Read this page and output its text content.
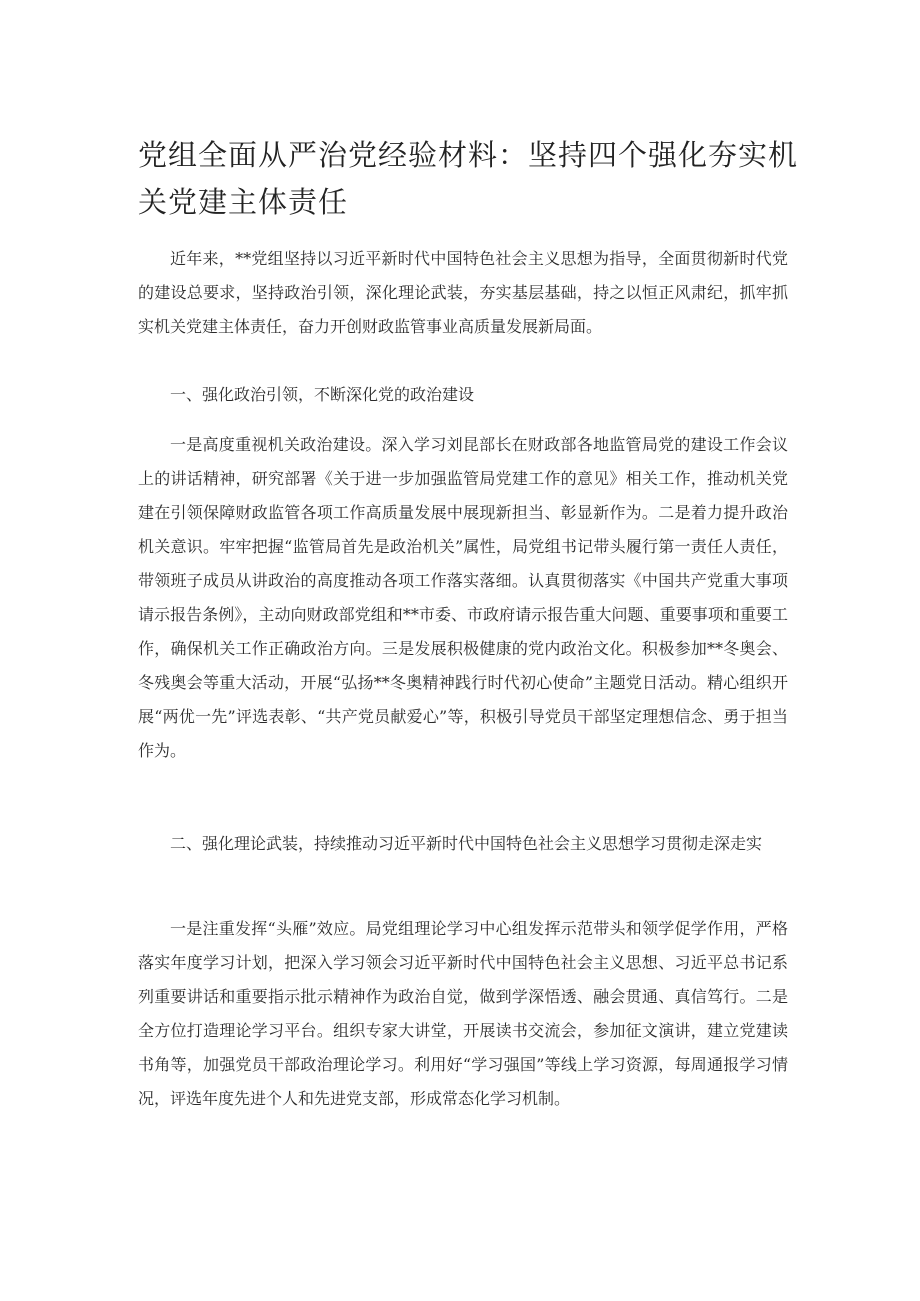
党组全面从严治党经验材料：坚持四个强化夯实机关党建主体责任

近年来，**党组坚持以习近平新时代中国特色社会主义思想为指导，全面贯彻新时代党的建设总要求，坚持政治引领，深化理论武装，夯实基层基础，持之以恒正风肃纪，抓牢抓实机关党建主体责任，奋力开创财政监管事业高质量发展新局面。

一、强化政治引领，不断深化党的政治建设

一是高度重视机关政治建设。深入学习刘昆部长在财政部各地监管局党的建设工作会议上的讲话精神，研究部署《关于进一步加强监管局党建工作的意见》相关工作，推动机关党建在引领保障财政监管各项工作高质量发展中展现新担当、彰显新作为。二是着力提升政治机关意识。牢牢把握“监管局首先是政治机关”属性，局党组书记带头履行第一责任人责任，带领班子成员从讲政治的高度推动各项工作落实落细。认真贯彻落实《中国共产党重大事项请示报告条例》，主动向财政部党组和**市委、市政府请示报告重大问题、重要事项和重要工作，确保机关工作正确政治方向。三是发展积极健康的党内政治文化。积极参加**冬奥会、冬残奥会等重大活动，开展“弘扬**冬奥精神践行时代初心使命”主题党日活动。精心组织开展“两优一先”评选表彰、“共产党员献爱心”等，积极引导党员干部坚定理想信念、勇于担当作为。

二、强化理论武装，持续推动习近平新时代中国特色社会主义思想学习贯彻走深走实

一是注重发挥“头雁”效应。局党组理论学习中心组发挥示范带头和领学促学作用，严格落实年度学习计划，把深入学习领会习近平新时代中国特色社会主义思想、习近平总书记系列重要讲话和重要指示批示精神作为政治自觉，做到学深悟透、融会贯通、真信笃行。二是全方位打造理论学习平台。组织专家大讲堂，开展读书交流会，参加征文演讲，建立党建读书角等，加强党员干部政治理论学习。利用好“学习强国”等线上学习资源，每周通报学习情况，评选年度先进个人和先进党支部，形成常态化学习机制。
